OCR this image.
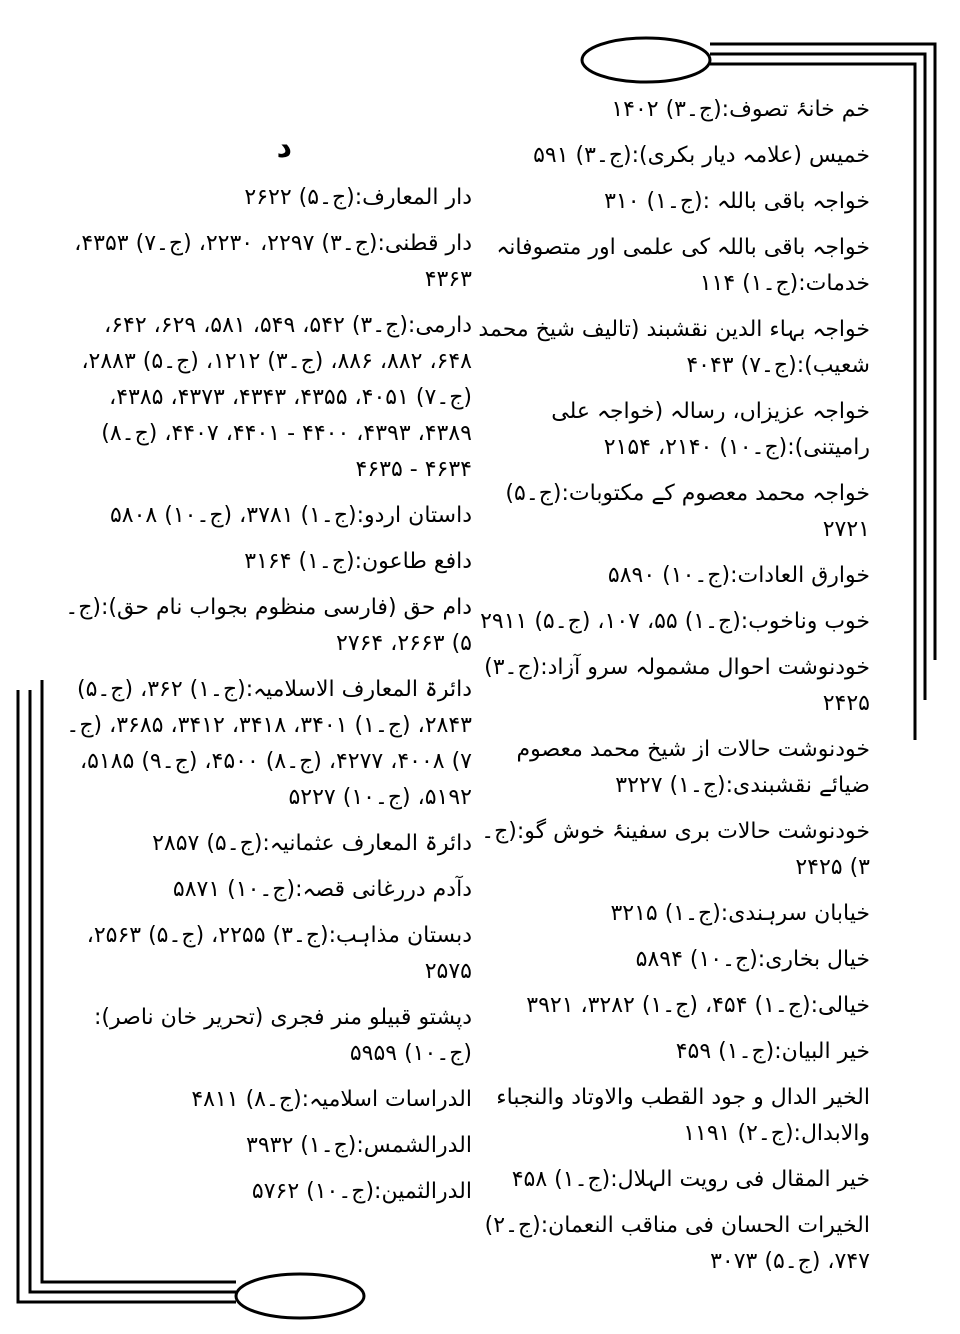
خم خانۂ تصوف:(ج۔۳) ۱۴۰۲
خمیس (علامہ دیار بکری):(ج۔۳) ۵۹۱
خواجہ باقی باللہ :(ج۔۱) ۳۱۰
خواجہ باقی باللہ کی علمی اور متصوفانہ خدمات:(ج۔۱) ۱۱۴
خواجہ بہاء الدین نقشبند (تالیف شیخ محمد شعیب):(ج۔۷) ۴۰۴۳
خواجہ عزیزاں، رسالہ (خواجہ علی رامیتنی):(ج۔۱۰) ۲۱۴۰، ۲۱۵۴
خواجہ محمد معصوم کے مکتوبات:(ج۔۵) ۲۷۲۱
خوارق العادات:(ج۔۱۰) ۵۸۹۰
خوب وناخوب:(ج۔۱) ۵۵، ۱۰۷، (ج۔۵) ۲۹۱۱
خودنوشت احوال مشمولہ سرو آزاد:(ج۔۳) ۲۴۲۵
خودنوشت حالات از شیخ محمد معصوم ضیائے نقشبندی:(ج۔۱) ۳۲۲۷
خودنوشت حالات بری سفینۂ خوش گو:(ج۔۳) ۲۴۲۵
خیابان سرہندی:(ج۔۱) ۳۲۱۵
خیال بخاری:(ج۔۱۰) ۵۸۹۴
خیالی:(ج۔۱) ۴۵۴، (ج۔۱) ۳۲۸۲، ۳۹۲۱
خیر البیان:(ج۔۱) ۴۵۹
الخیر الدال و جود القطب والاوتاد والنجباء والابدال:(ج۔۲) ۱۱۹۱
خیر المقال فی رویت الہلال:(ج۔۱) ۴۵۸
الخیرات الحسان فی مناقب النعمان:(ج۔۲) ۷۴۷، (ج۔۵) ۳۰۷۳
د
دار المعارف:(ج۔۵) ۲۶۲۲
دار قطنی:(ج۔۳) ۲۲۹۷، ۲۲۳۰، (ج۔۷) ۴۳۵۳، ۴۳۶۳
دارمی:(ج۔۳) ۵۴۲، ۵۴۹، ۵۸۱، ۶۲۹، ۶۴۲، ۶۴۸، ۸۸۲، ۸۸۶، (ج۔۳) ۱۲۱۲، (ج۔۵) ۲۸۸۳، (ج۔۷) ۴۰۵۱، ۴۳۵۵، ۴۳۴۳، ۴۳۷۳، ۴۳۸۵، ۴۳۸۹، ۴۳۹۳، ۴۴۰۰ - ۴۴۰۱، ۴۴۰۷، (ج۔۸) ۴۶۳۴ - ۴۶۳۵
داستان اردو:(ج۔۱) ۳۷۸۱، (ج۔۱۰) ۵۸۰۸
دافع طاعون:(ج۔۱) ۳۱۶۴
دام حق (فارسی منظوم بجواب نام حق):(ج۔۵) ۲۶۶۳، ۲۷۶۴
دائرۃ المعارف الاسلامیہ:(ج۔۱) ۳۶۲، (ج۔۵) ۲۸۴۳، (ج۔۱) ۳۴۰۱، ۳۴۱۸، ۳۴۱۲، ۳۶۸۵، (ج۔۷) ۴۰۰۸، ۴۲۷۷، (ج۔۸) ۴۵۰۰، (ج۔۹) ۵۱۸۵، ۵۱۹۲، (ج۔۱۰) ۵۲۲۷
دائرۃ المعارف عثمانیہ:(ج۔۵) ۲۸۵۷
دآدم دررغانی قصہ:(ج۔۱۰) ۵۸۷۱
دبستان مذاہب:(ج۔۳) ۲۲۵۵، (ج۔۵) ۲۵۶۳، ۲۵۷۵
دپشتو قبیلو منر فجری (تحریر خان ناصر):(ج۔۱۰) ۵۹۵۹
الدراسات اسلامیہ:(ج۔۸) ۴۸۱۱
الدرالشمس:(ج۔۱) ۳۹۳۲
الدرالثمین:(ج۔۱۰) ۵۷۶۲
